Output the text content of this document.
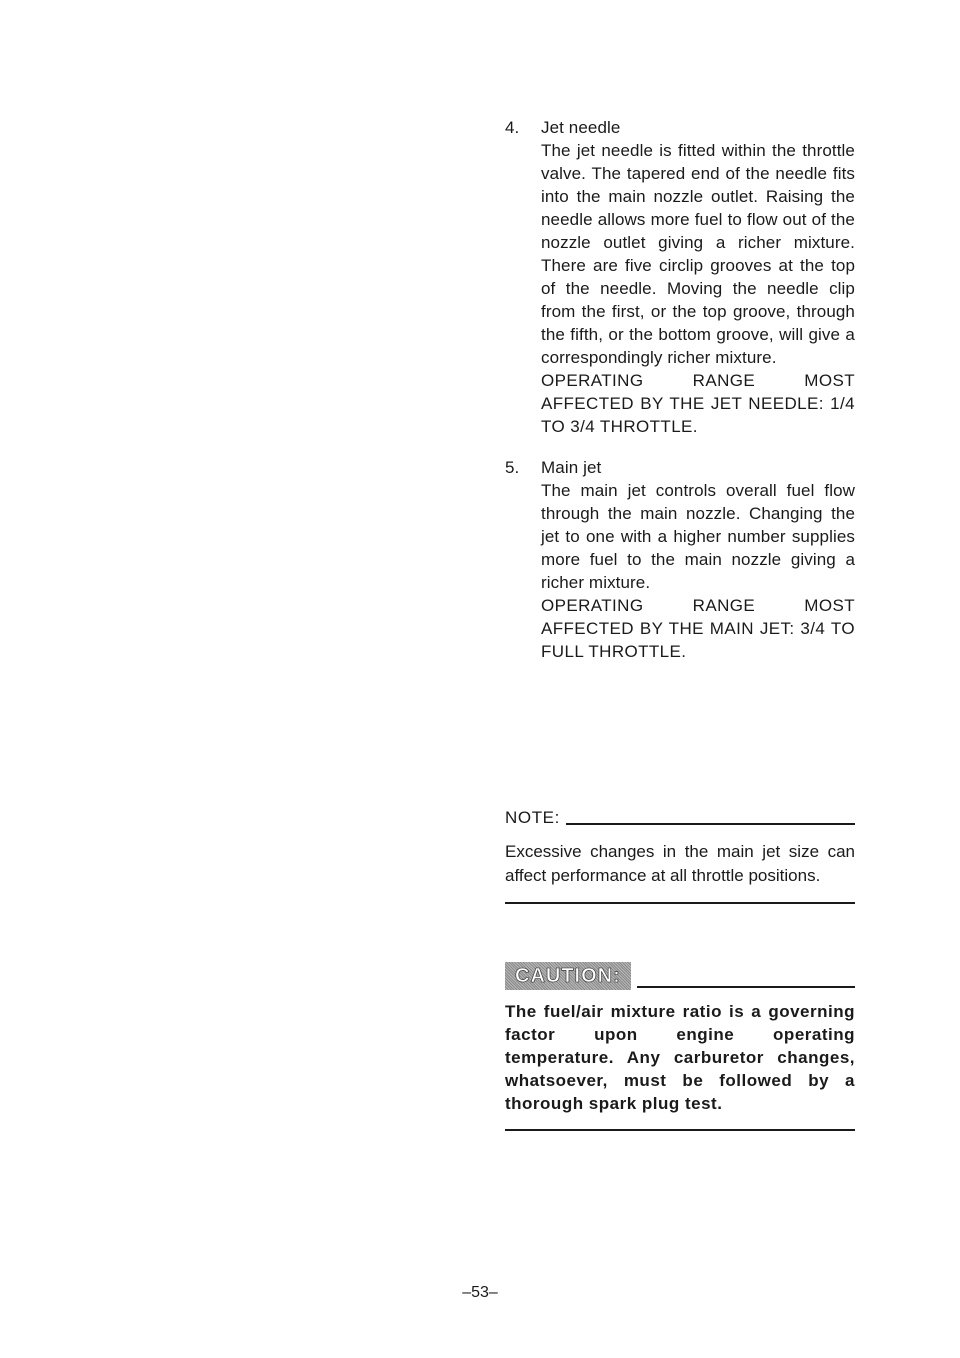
4.	Jet needle

The jet needle is fitted within the throttle valve. The tapered end of the needle fits into the main nozzle outlet. Raising the needle allows more fuel to flow out of the nozzle outlet giving a richer mixture. There are five circlip grooves at the top of the needle. Moving the needle clip from the first, or the top groove, through the fifth, or the bottom groove, will give a correspondingly richer mixture.

OPERATING RANGE MOST AFFECTED BY THE JET NEEDLE: 1/4 TO 3/4 THROTTLE.

5.	Main jet

The main jet controls overall fuel flow through the main nozzle. Changing the jet to one with a higher number supplies more fuel to the main nozzle giving a richer mixture.

OPERATING RANGE MOST AFFECTED BY THE MAIN JET: 3/4 TO FULL THROTTLE.

NOTE:

Excessive changes in the main jet size can affect performance at all throttle positions.

CAUTION:

The fuel/air mixture ratio is a governing factor upon engine operating temperature. Any carburetor changes, whatsoever, must be followed by a thorough spark plug test.

–53–
